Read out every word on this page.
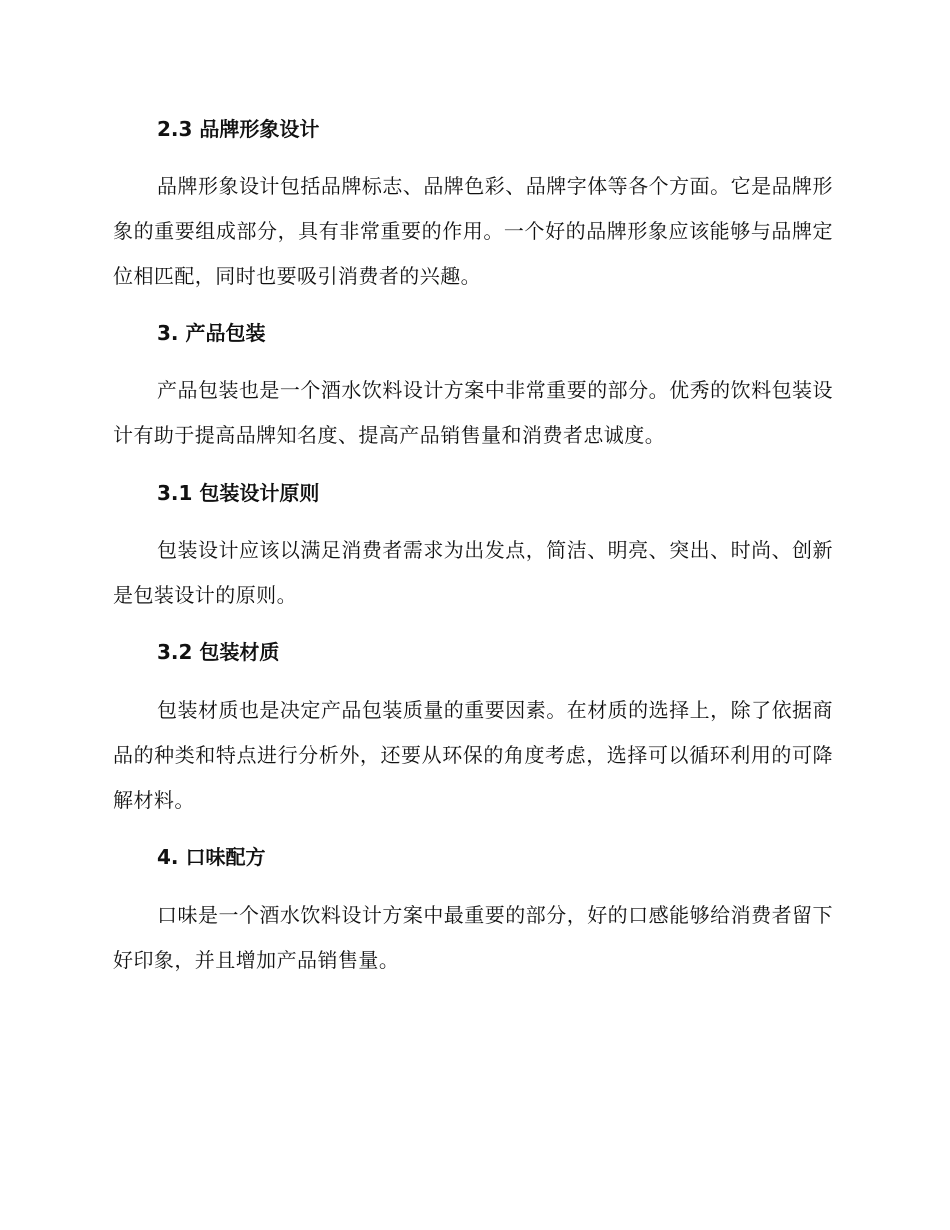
2.3 品牌形象设计
品牌形象设计包括品牌标志、品牌色彩、品牌字体等各个方面。它是品牌形象的重要组成部分，具有非常重要的作用。一个好的品牌形象应该能够与品牌定位相匹配，同时也要吸引消费者的兴趣。
3. 产品包装
产品包装也是一个酒水饮料设计方案中非常重要的部分。优秀的饮料包装设计有助于提高品牌知名度、提高产品销售量和消费者忠诚度。
3.1 包装设计原则
包装设计应该以满足消费者需求为出发点，简洁、明亮、突出、时尚、创新是包装设计的原则。
3.2 包装材质
包装材质也是决定产品包装质量的重要因素。在材质的选择上，除了依据商品的种类和特点进行分析外，还要从环保的角度考虑，选择可以循环利用的可降解材料。
4. 口味配方
口味是一个酒水饮料设计方案中最重要的部分，好的口感能够给消费者留下好印象，并且增加产品销售量。
